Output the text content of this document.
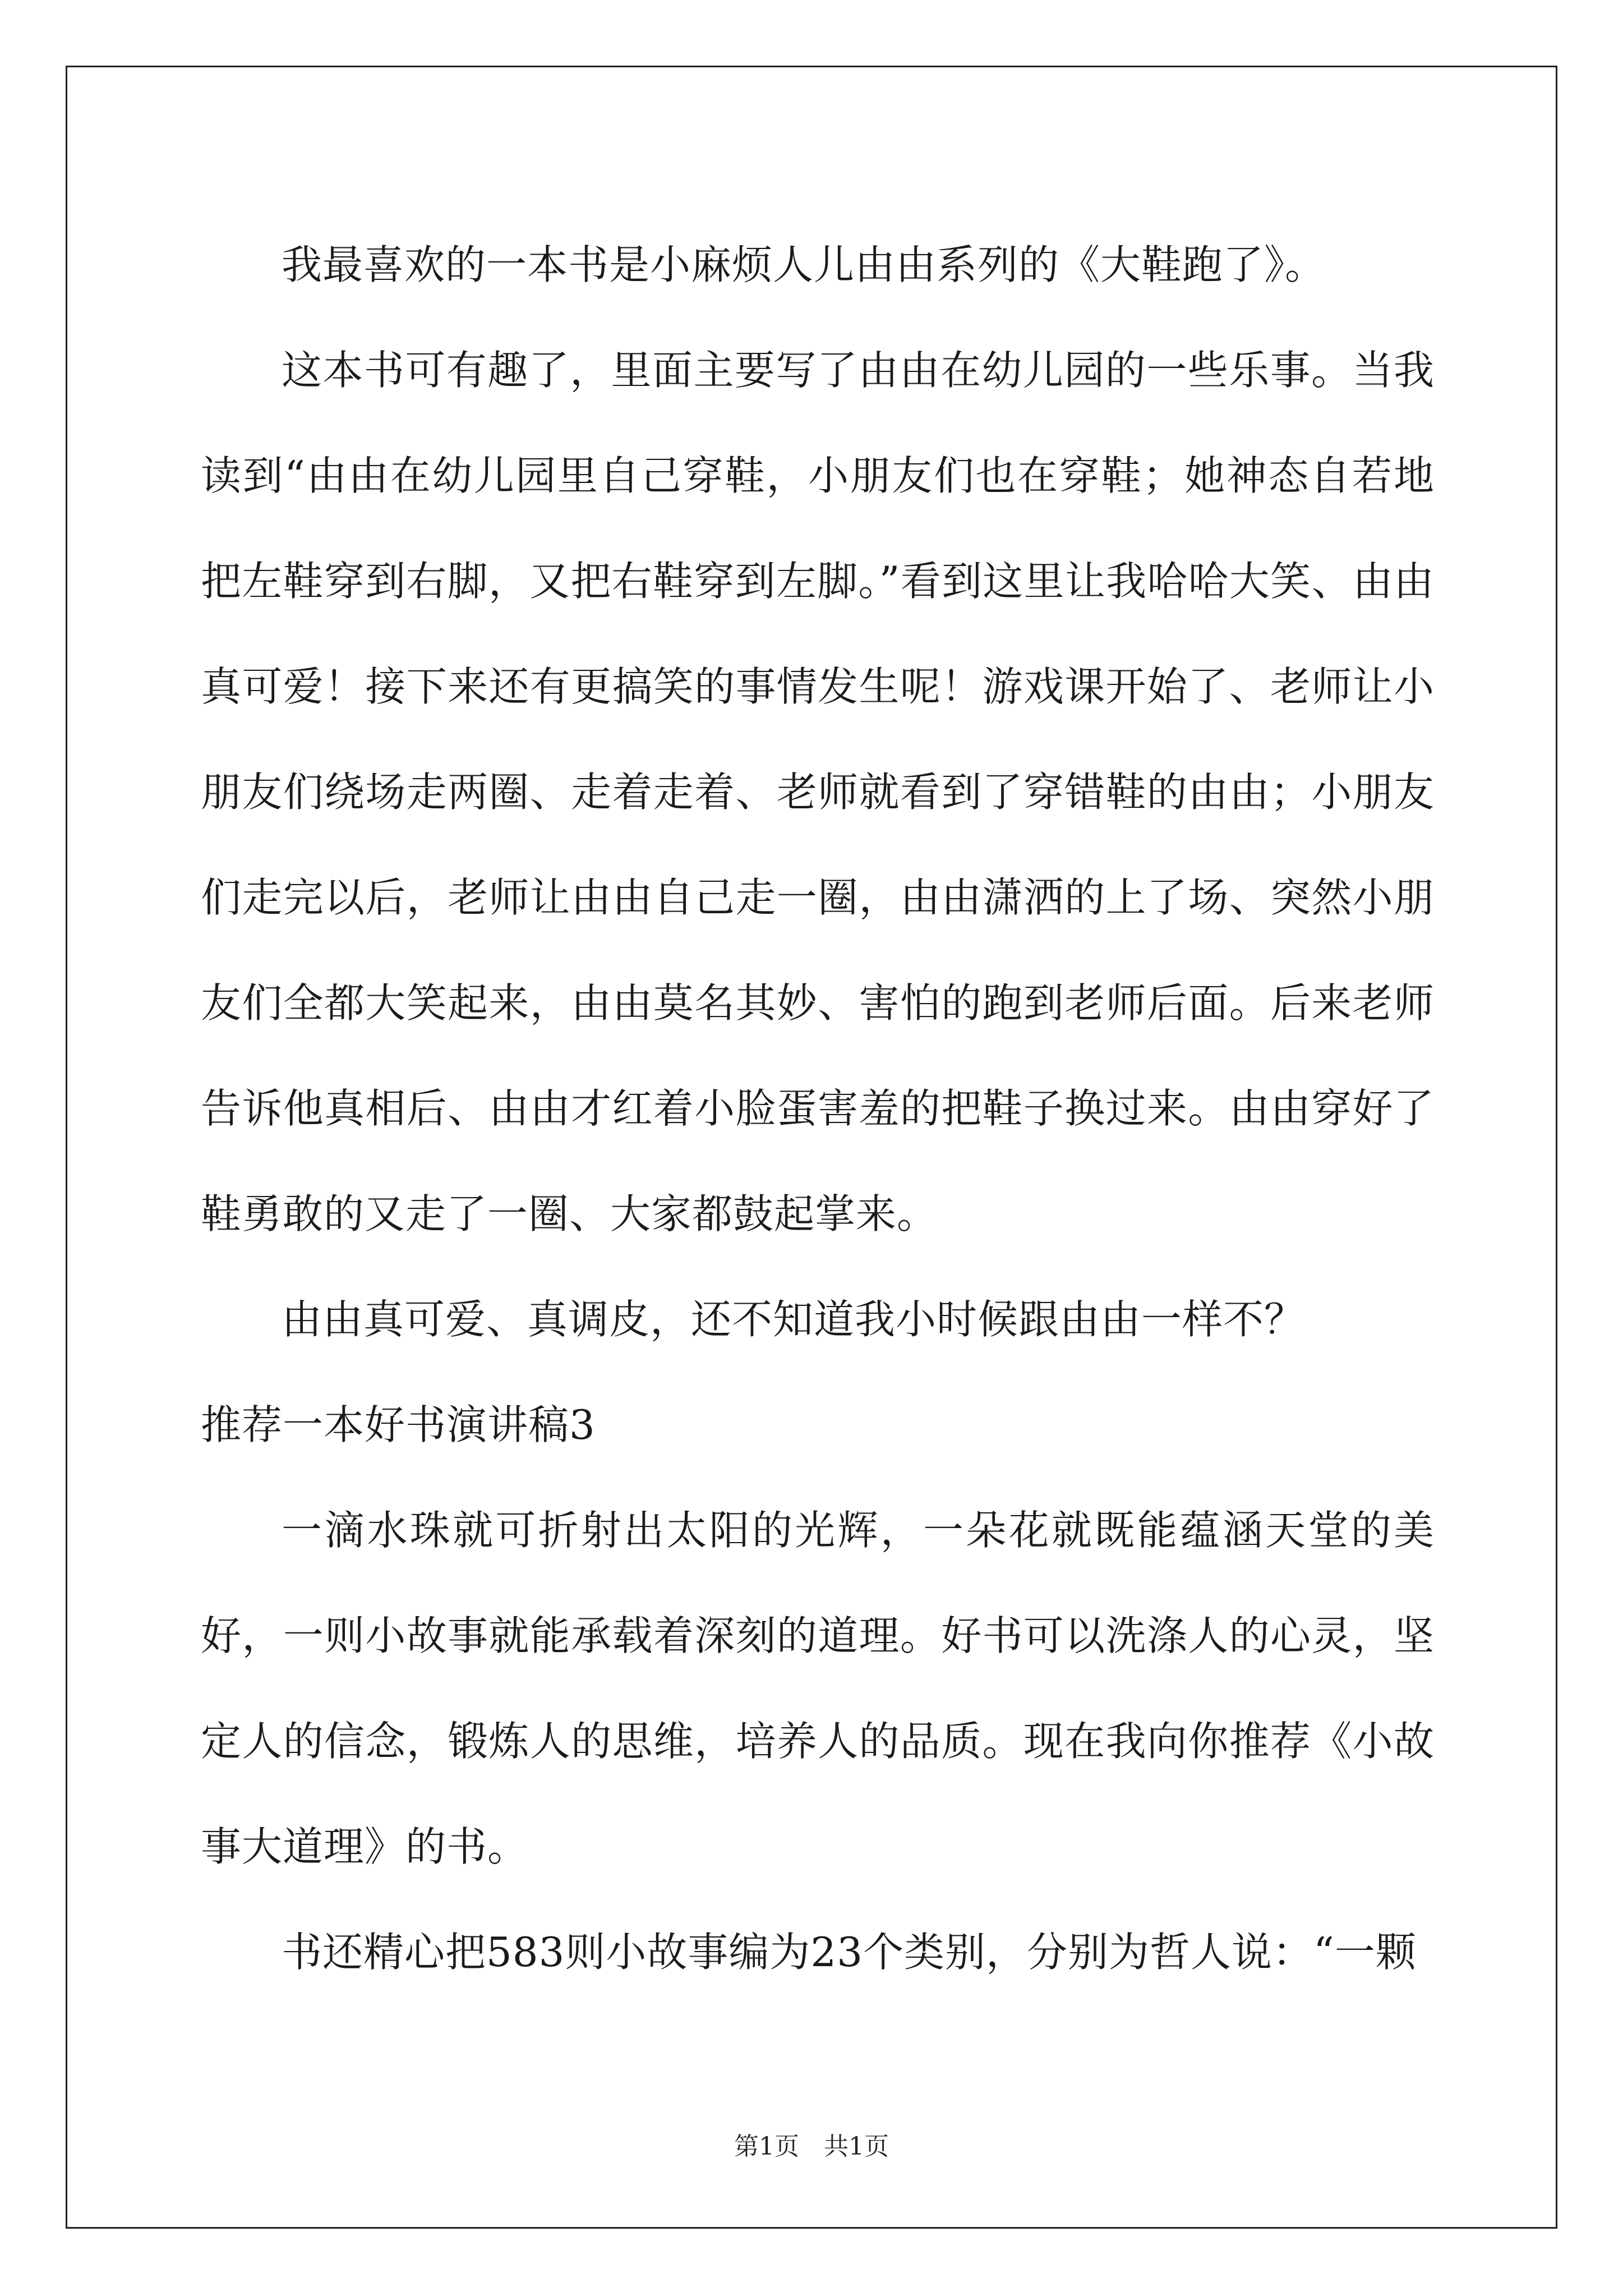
我最喜欢的一本书是小麻烦人儿由由系列的《大鞋跑了》。

这本书可有趣了，里面主要写了由由在幼儿园的一些乐事。当我读到“由由在幼儿园里自己穿鞋，小朋友们也在穿鞋；她神态自若地把左鞋穿到右脚，又把右鞋穿到左脚。”看到这里让我哈哈大笑、由由真可爱！接下来还有更搞笑的事情发生呢！游戏课开始了、老师让小朋友们绕场走两圈、走着走着、老师就看到了穿错鞋的由由；小朋友们走完以后，老师让由由自己走一圈，由由潇洒的上了场、突然小朋友们全都大笑起来，由由莫名其妙、害怕的跑到老师后面。后来老师告诉他真相后、由由才红着小脸蛋害羞的把鞋子换过来。由由穿好了鞋勇敢的又走了一圈、大家都鼓起掌来。

由由真可爱、真调皮，还不知道我小时候跟由由一样不？

推荐一本好书演讲稿3

一滴水珠就可折射出太阳的光辉，一朵花就既能蕴涵天堂的美好，一则小故事就能承载着深刻的道理。好书可以洗涤人的心灵，坚定人的信念，锻炼人的思维，培养人的品质。现在我向你推荐《小故事大道理》的书。

书还精心把583则小故事编为23个类别，分别为哲人说：“一颗

第1页　共1页
